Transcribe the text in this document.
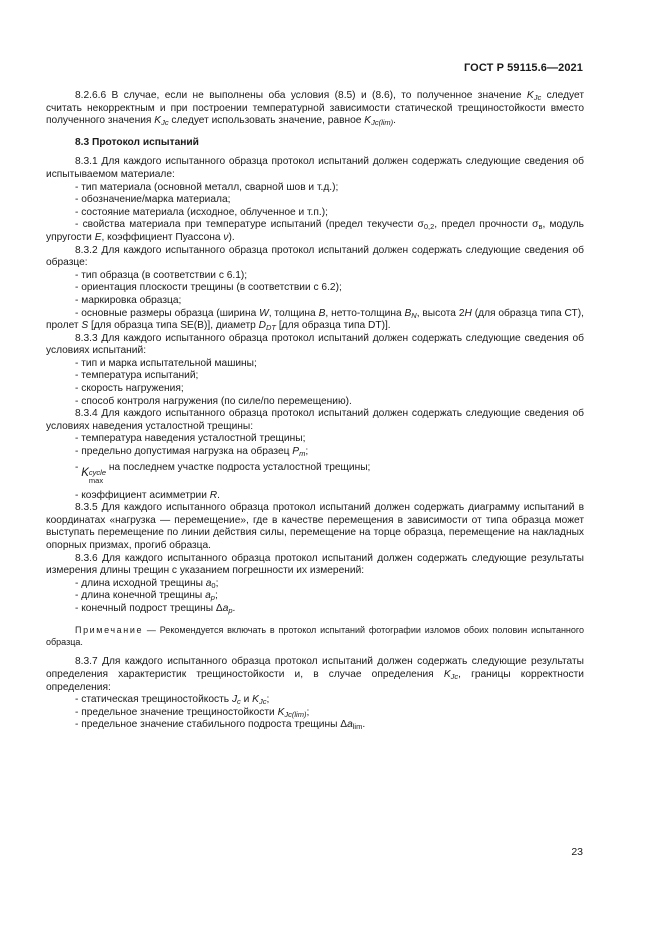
ГОСТ Р 59115.6—2021

8.2.6.6 В случае, если не выполнены оба условия (8.5) и (8.6), то полученное значение $K_{Jc}$ следует считать некорректным и при построении температурной зависимости статической трещиностойкости вместо полученного значения $K_{Jc}$ следует использовать значение, равное $K_{Jc(lim)}$.

8.3 Протокол испытаний

8.3.1 Для каждого испытанного образца протокол испытаний должен содержать следующие сведения об испытываемом материале:

- тип материала (основной металл, сварной шов и т.д.);

- обозначение/марка материала;

- состояние материала (исходное, облученное и т.п.);

- свойства материала при температуре испытаний (предел текучести $\sigma_{0,2}$, предел прочности $\sigma_в$, модуль упругости E, коэффициент Пуассона ν).

8.3.2 Для каждого испытанного образца протокол испытаний должен содержать следующие сведения об образце:

- тип образца (в соответствии с 6.1);

- ориентация плоскости трещины (в соответствии с 6.2);

- маркировка образца;

- основные размеры образца (ширина W, толщина B, нетто-толщина $B_N$, высота 2H (для образца типа СТ), пролет S [для образца типа SE(B)], диаметр $D_{DT}$ [для образца типа DT)].

8.3.3 Для каждого испытанного образца протокол испытаний должен содержать следующие сведения об условиях испытаний:

- тип и марка испытательной машины;

- температура испытаний;

- скорость нагружения;

- способ контроля нагружения (по силе/по перемещению).

8.3.4 Для каждого испытанного образца протокол испытаний должен содержать следующие сведения об условиях наведения усталостной трещины:

- температура наведения усталостной трещины;

- предельно допустимая нагрузка на образец $P_m$;

- K cycle
max
на последнем участке подроста усталостной трещины;

- коэффициент асимметрии R.

8.3.5 Для каждого испытанного образца протокол испытаний должен содержать диаграмму испытаний в координатах «нагрузка — перемещение», где в качестве перемещения в зависимости от типа образца может выступать перемещение по линии действия силы, перемещение на торце образца, перемещение на накладных опорных призмах, прогиб образца.

8.3.6 Для каждого испытанного образца протокол испытаний должен содержать следующие результаты измерения длины трещин с указанием погрешности их измерений:

- длина исходной трещины $a_0$;

- длина конечной трещины $a_p$;

- конечный подрост трещины $\Delta a_p$.

Примечание — Рекомендуется включать в протокол испытаний фотографии изломов обоих половин испытанного образца.

8.3.7 Для каждого испытанного образца протокол испытаний должен содержать следующие результаты определения характеристик трещиностойкости и, в случае определения $K_{Jc}$, границы корректности определения:

- статическая трещиностойкость $J_c$ и $K_{Jc}$;

- предельное значение трещиностойкости $K_{Jc(lim)}$;

- предельное значение стабильного подроста трещины $\Delta a_{lim}$.

23
